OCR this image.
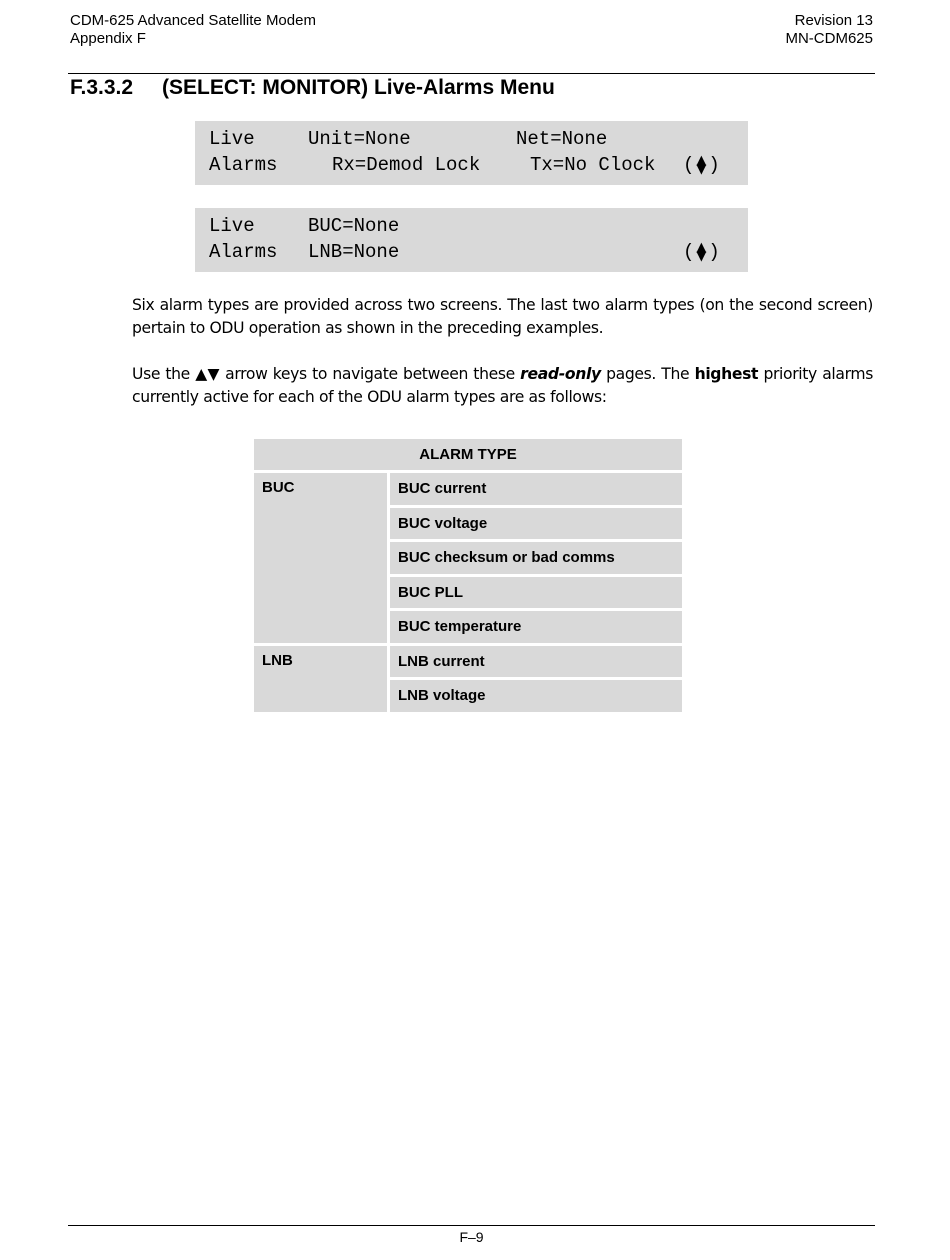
CDM-625 Advanced Satellite Modem
Appendix F
Revision 13
MN-CDM625
F.3.3.2 (SELECT: MONITOR) Live-Alarms Menu
Live	Unit=None	Net=None
Alarms	Rx=Demod Lock	Tx=No Clock ( ▲▼ )
Live	BUC=None
Alarms LNB=None	( ▲▼ )

Six alarm types are provided across two screens. The last two alarm types (on the second screen) pertain to ODU operation as shown in the preceding examples.

Use the ▲▼ arrow keys to navigate between these read-only pages. The highest priority alarms currently active for each of the ODU alarm types are as follows:

ALARM TYPE	
BUC	BUC current
	BUC voltage
	BUC checksum or bad comms
	BUC PLL
	BUC temperature
LNB	LNB current
	LNB voltage
F–9
